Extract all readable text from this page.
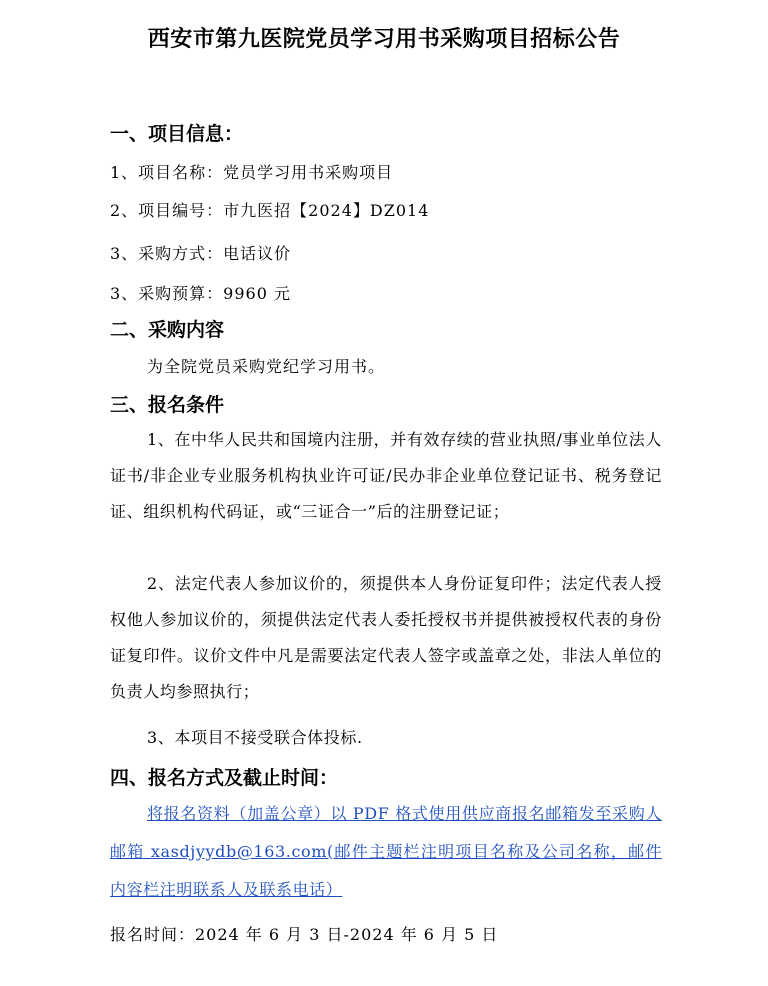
西安市第九医院党员学习用书采购项目招标公告
一、项目信息：
1、项目名称：党员学习用书采购项目
2、项目编号：市九医招【2024】DZ014
3、采购方式：电话议价
3、采购预算：9960 元
二、采购内容
为全院党员采购党纪学习用书。
三、报名条件
1、在中华人民共和国境内注册，并有效存续的营业执照/事业单位法人证书/非企业专业服务机构执业许可证/民办非企业单位登记证书、税务登记证、组织机构代码证，或“三证合一”后的注册登记证；
2、法定代表人参加议价的，须提供本人身份证复印件；法定代表人授权他人参加议价的，须提供法定代表人委托授权书并提供被授权代表的身份证复印件。议价文件中凡是需要法定代表人签字或盖章之处，非法人单位的负责人均参照执行；
3、本项目不接受联合体投标.
四、报名方式及截止时间：
将报名资料（加盖公章）以 PDF 格式使用供应商报名邮箱发至采购人邮箱 xasdjyydb@163.com(邮件主题栏注明项目名称及公司名称，邮件内容栏注明联系人及联系电话）
报名时间：2024 年 6 月 3 日-2024 年 6 月 5 日
